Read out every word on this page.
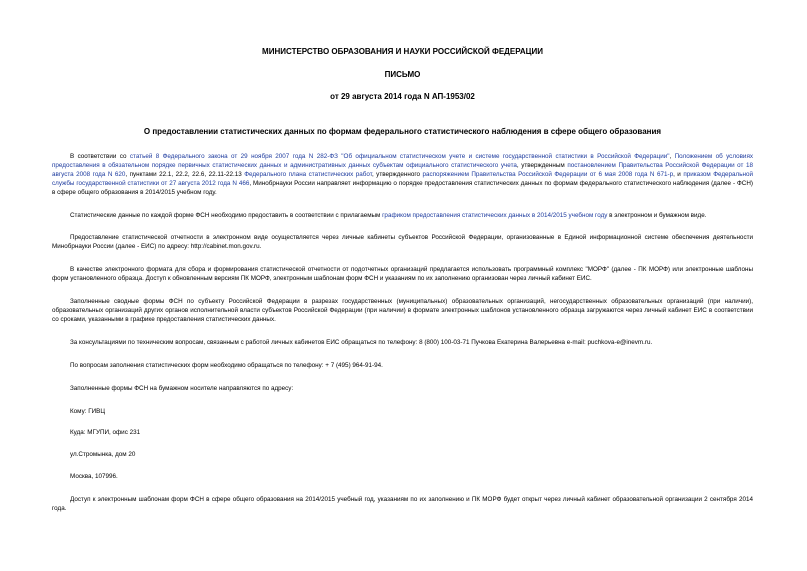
МИНИСТЕРСТВО ОБРАЗОВАНИЯ И НАУКИ РОССИЙСКОЙ ФЕДЕРАЦИИ
ПИСЬМО
от 29 августа 2014 года N АП-1953/02
О предоставлении статистических данных по формам федерального статистического наблюдения в сфере общего образования

В соответствии со статьей 8 Федерального закона от 29 ноября 2007 года N 282-ФЗ "Об официальном статистическом учете и системе государственной статистики в Российской Федерации", Положением об условиях предоставления в обязательном порядке первичных статистических данных и административных данных субъектам официального статистического учета, утвержденным постановлением Правительства Российской Федерации от 18 августа 2008 года N 620, пунктами 22.1, 22.2, 22.6, 22.11-22.13 Федерального плана статистических работ, утвержденного распоряжением Правительства Российской Федерации от 6 мая 2008 года N 671-р, и приказом Федеральной службы государственной статистики от 27 августа 2012 года N 466, Минобрнауки России направляет информацию о порядке предоставления статистических данных по формам федерального статистического наблюдения (далее - ФСН) в сфере общего образования в 2014/2015 учебном году.

Статистические данные по каждой форме ФСН необходимо предоставить в соответствии с прилагаемым графиком предоставления статистических данных в 2014/2015 учебном году в электронном и бумажном виде.

Предоставление статистической отчетности в электронном виде осуществляется через личные кабинеты субъектов Российской Федерации, организованные в Единой информационной системе обеспечения деятельности Минобрнауки России (далее - ЕИС) по адресу: http://cabinet.mon.gov.ru.

В качестве электронного формата для сбора и формирования статистической отчетности от подотчетных организаций предлагается использовать программный комплекс "МОРФ" (далее - ПК МОРФ) или электронные шаблоны форм установленного образца. Доступ к обновленным версиям ПК МОРФ, электронным шаблонам форм ФСН и указаниям по их заполнению организован через личный кабинет ЕИС.

Заполненные сводные формы ФСН по субъекту Российской Федерации в разрезах государственных (муниципальных) образовательных организаций, негосударственных образовательных организаций (при наличии), образовательных организаций других органов исполнительной власти субъектов Российской Федерации (при наличии) в формате электронных шаблонов установленного образца загружаются через личный кабинет ЕИС в соответствии со сроками, указанными в графике предоставления статистических данных.

За консультациями по техническим вопросам, связанным с работой личных кабинетов ЕИС обращаться по телефону: 8 (800) 100-03-71 Пучкова Екатерина Валерьевна e-mail: puchkova-e@inevm.ru.

По вопросам заполнения статистических форм необходимо обращаться по телефону: + 7 (495) 964-91-94.

Заполненные формы ФСН на бумажном носителе направляются по адресу:

Кому: ГИВЦ

Куда: МГУПИ, офис 231

ул.Стромынка, дом 20

Москва, 107996.

Доступ к электронным шаблонам форм ФСН в сфере общего образования на 2014/2015 учебный год, указаниям по их заполнению и ПК МОРФ будет открыт через личный кабинет образовательной организации 2 сентября 2014 года.
